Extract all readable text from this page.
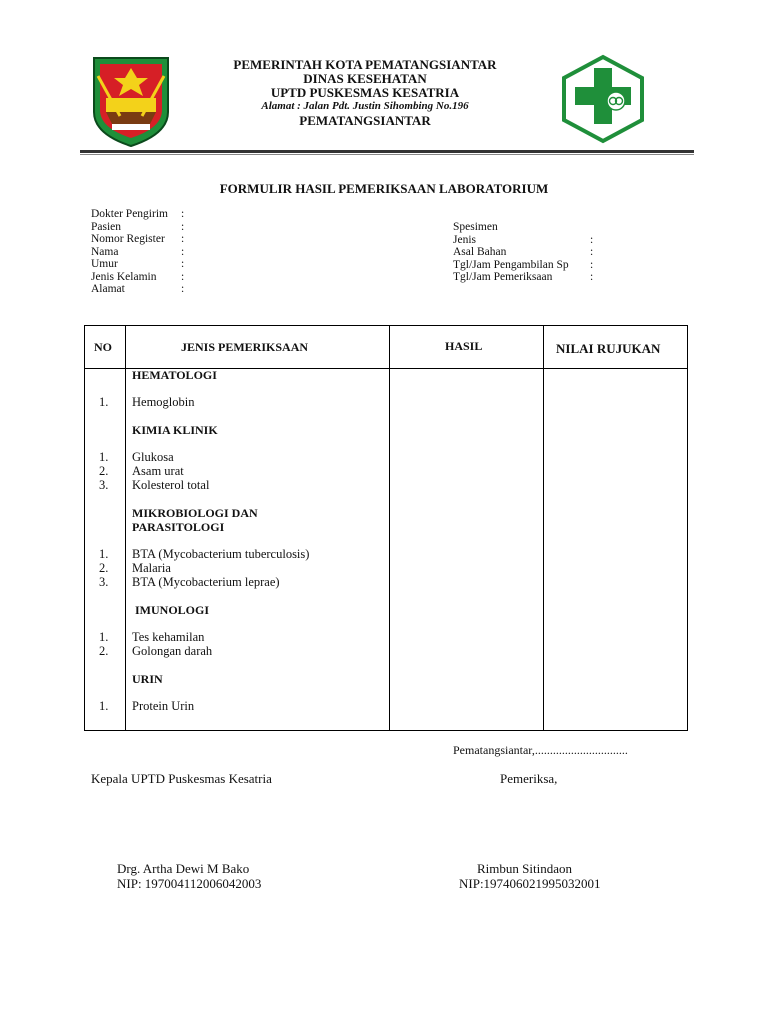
PEMERINTAH KOTA PEMATANGSIANTAR
DINAS KESEHATAN
UPTD PUSKESMAS KESATRIA
Alamat : Jalan Pdt. Justin Sihombing No.196
PEMATANGSIANTAR
FORMULIR HASIL PEMERIKSAAN LABORATORIUM
Dokter Pengirim :
Pasien	:
Nomor Register :
Nama	:
Umur	:
Jenis Kelamin :
Alamat	:
Spesimen
Jenis	:
Asal Bahan	:
Tgl/Jam Pengambilan Sp :
Tgl/Jam Pemeriksaan	:
NO	JENIS PEMERIKSAAN	HASIL	NILAI RUJUKAN
HEMATOLOGI
1. Hemoglobin
KIMIA KLINIK
1. Glukosa
2. Asam urat
3. Kolesterol total
MIKROBIOLOGI DAN
PARASITOLOGI
1. BTA (Mycobacterium tuberculosis)
2. Malaria
3. BTA (Mycobacterium leprae)
IMUNOLOGI
1. Tes kehamilan
2. Golongan darah
URIN
1. Protein Urin
Pematangsiantar,...............................
Kepala UPTD Puskesmas Kesatria	Pemeriksa,
Drg. Artha Dewi M Bako
NIP: 197004112006042003
Rimbun Sitindaon
NIP:197406021995032001
